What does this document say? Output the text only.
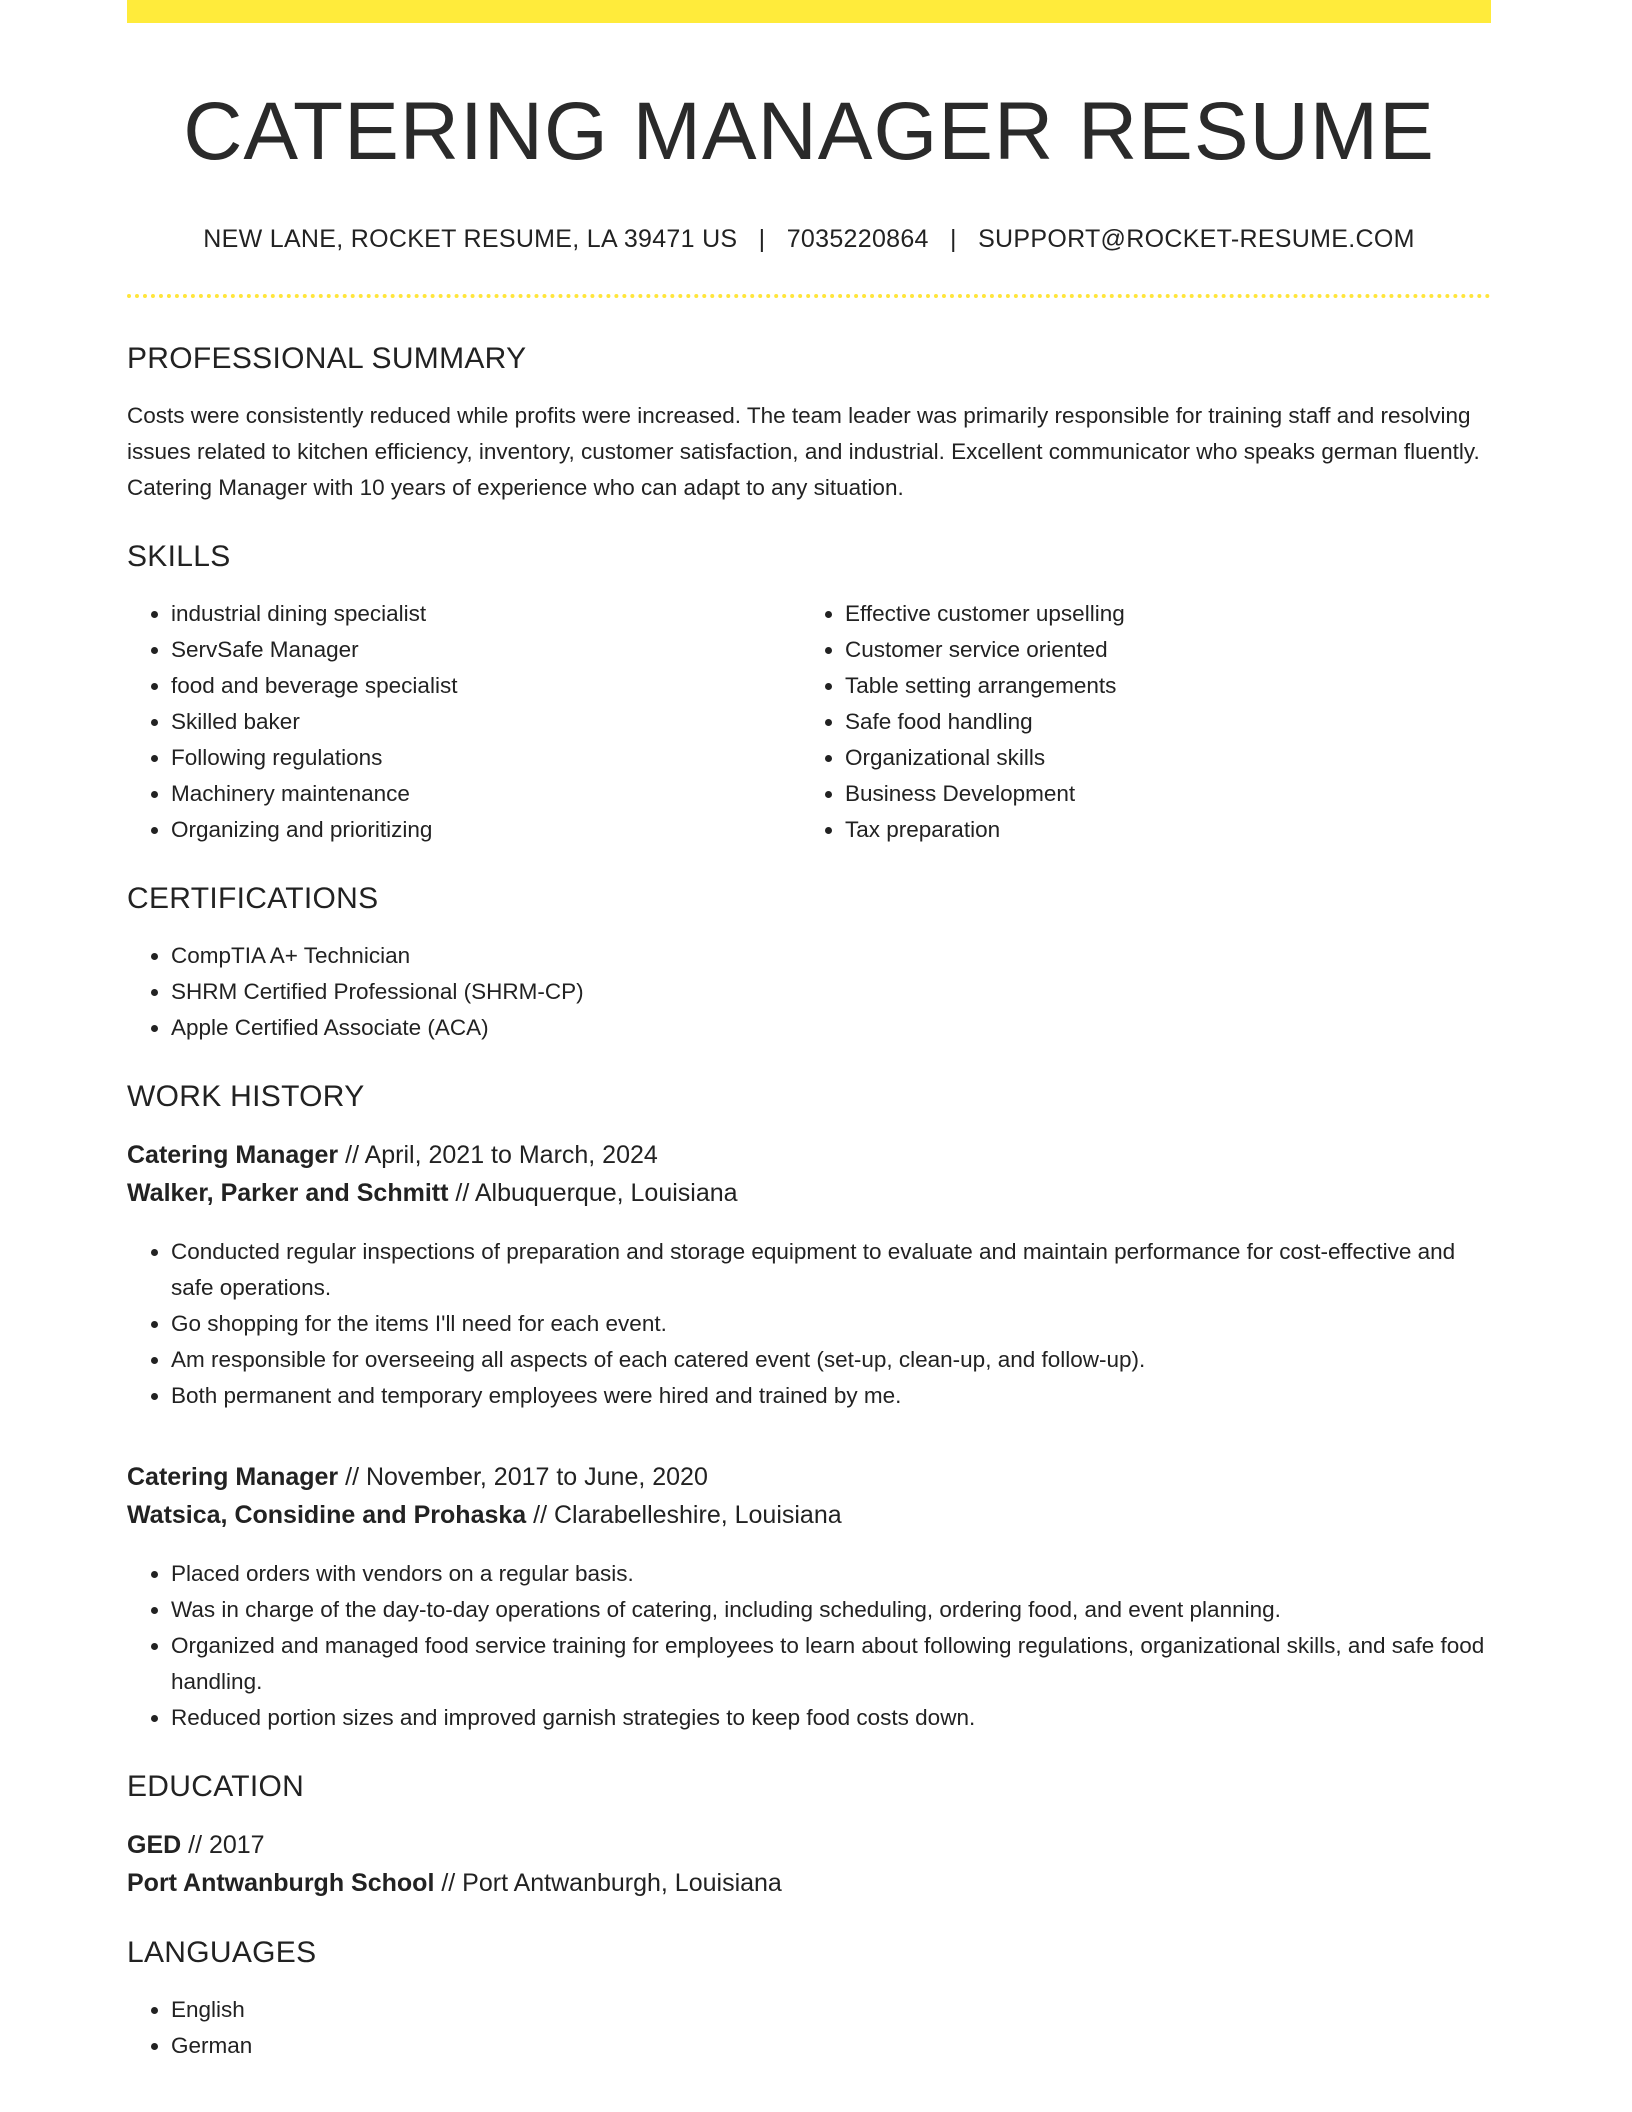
CATERING MANAGER RESUME
NEW LANE, ROCKET RESUME, LA 39471 US | 7035220864 | SUPPORT@ROCKET-RESUME.COM
PROFESSIONAL SUMMARY
Costs were consistently reduced while profits were increased. The team leader was primarily responsible for training staff and resolving issues related to kitchen efficiency, inventory, customer satisfaction, and industrial. Excellent communicator who speaks german fluently. Catering Manager with 10 years of experience who can adapt to any situation.
SKILLS
• industrial dining specialist
• ServSafe Manager
• food and beverage specialist
• Skilled baker
• Following regulations
• Machinery maintenance
• Organizing and prioritizing
• Effective customer upselling
• Customer service oriented
• Table setting arrangements
• Safe food handling
• Organizational skills
• Business Development
• Tax preparation
CERTIFICATIONS
• CompTIA A+ Technician
• SHRM Certified Professional (SHRM-CP)
• Apple Certified Associate (ACA)
WORK HISTORY
Catering Manager // April, 2021 to March, 2024
Walker, Parker and Schmitt // Albuquerque, Louisiana
• Conducted regular inspections of preparation and storage equipment to evaluate and maintain performance for cost-effective and safe operations.
• Go shopping for the items I'll need for each event.
• Am responsible for overseeing all aspects of each catered event (set-up, clean-up, and follow-up).
• Both permanent and temporary employees were hired and trained by me.
Catering Manager // November, 2017 to June, 2020
Watsica, Considine and Prohaska // Clarabelleshire, Louisiana
• Placed orders with vendors on a regular basis.
• Was in charge of the day-to-day operations of catering, including scheduling, ordering food, and event planning.
• Organized and managed food service training for employees to learn about following regulations, organizational skills, and safe food handling.
• Reduced portion sizes and improved garnish strategies to keep food costs down.
EDUCATION
GED // 2017
Port Antwanburgh School // Port Antwanburgh, Louisiana
LANGUAGES
• English
• German
